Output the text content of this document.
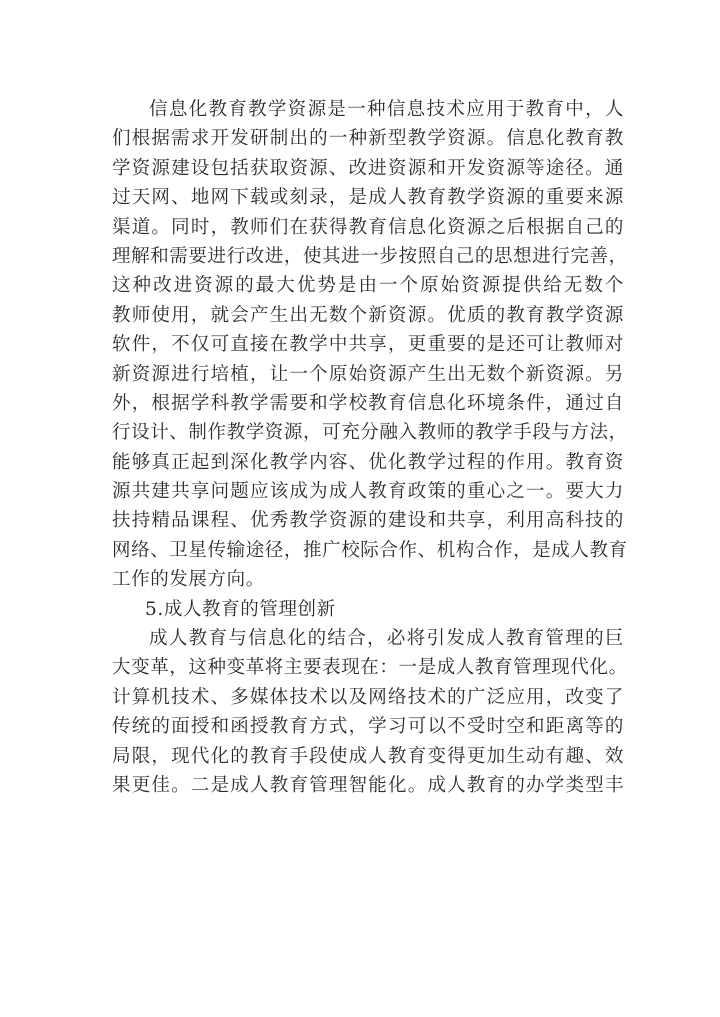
信息化教育教学资源是一种信息技术应用于教育中，人
们根据需求开发研制出的一种新型教学资源。信息化教育教
学资源建设包括获取资源、改进资源和开发资源等途径。通
过天网、地网下载或刻录，是成人教育教学资源的重要来源
渠道。同时，教师们在获得教育信息化资源之后根据自己的
理解和需要进行改进，使其进一步按照自己的思想进行完善，
这种改进资源的最大优势是由一个原始资源提供给无数个
教师使用，就会产生出无数个新资源。优质的教育教学资源
软件，不仅可直接在教学中共享，更重要的是还可让教师对
新资源进行培植，让一个原始资源产生出无数个新资源。另
外，根据学科教学需要和学校教育信息化环境条件，通过自
行设计、制作教学资源，可充分融入教师的教学手段与方法，
能够真正起到深化教学内容、优化教学过程的作用。教育资
源共建共享问题应该成为成人教育政策的重心之一。要大力
扶持精品课程、优秀教学资源的建设和共享，利用高科技的
网络、卫星传输途径，推广校际合作、机构合作，是成人教育
工作的发展方向。
5.成人教育的管理创新
成人教育与信息化的结合，必将引发成人教育管理的巨
大变革，这种变革将主要表现在：一是成人教育管理现代化。
计算机技术、多媒体技术以及网络技术的广泛应用，改变了
传统的面授和函授教育方式，学习可以不受时空和距离等的
局限，现代化的教育手段使成人教育变得更加生动有趣、效
果更佳。二是成人教育管理智能化。成人教育的办学类型丰
